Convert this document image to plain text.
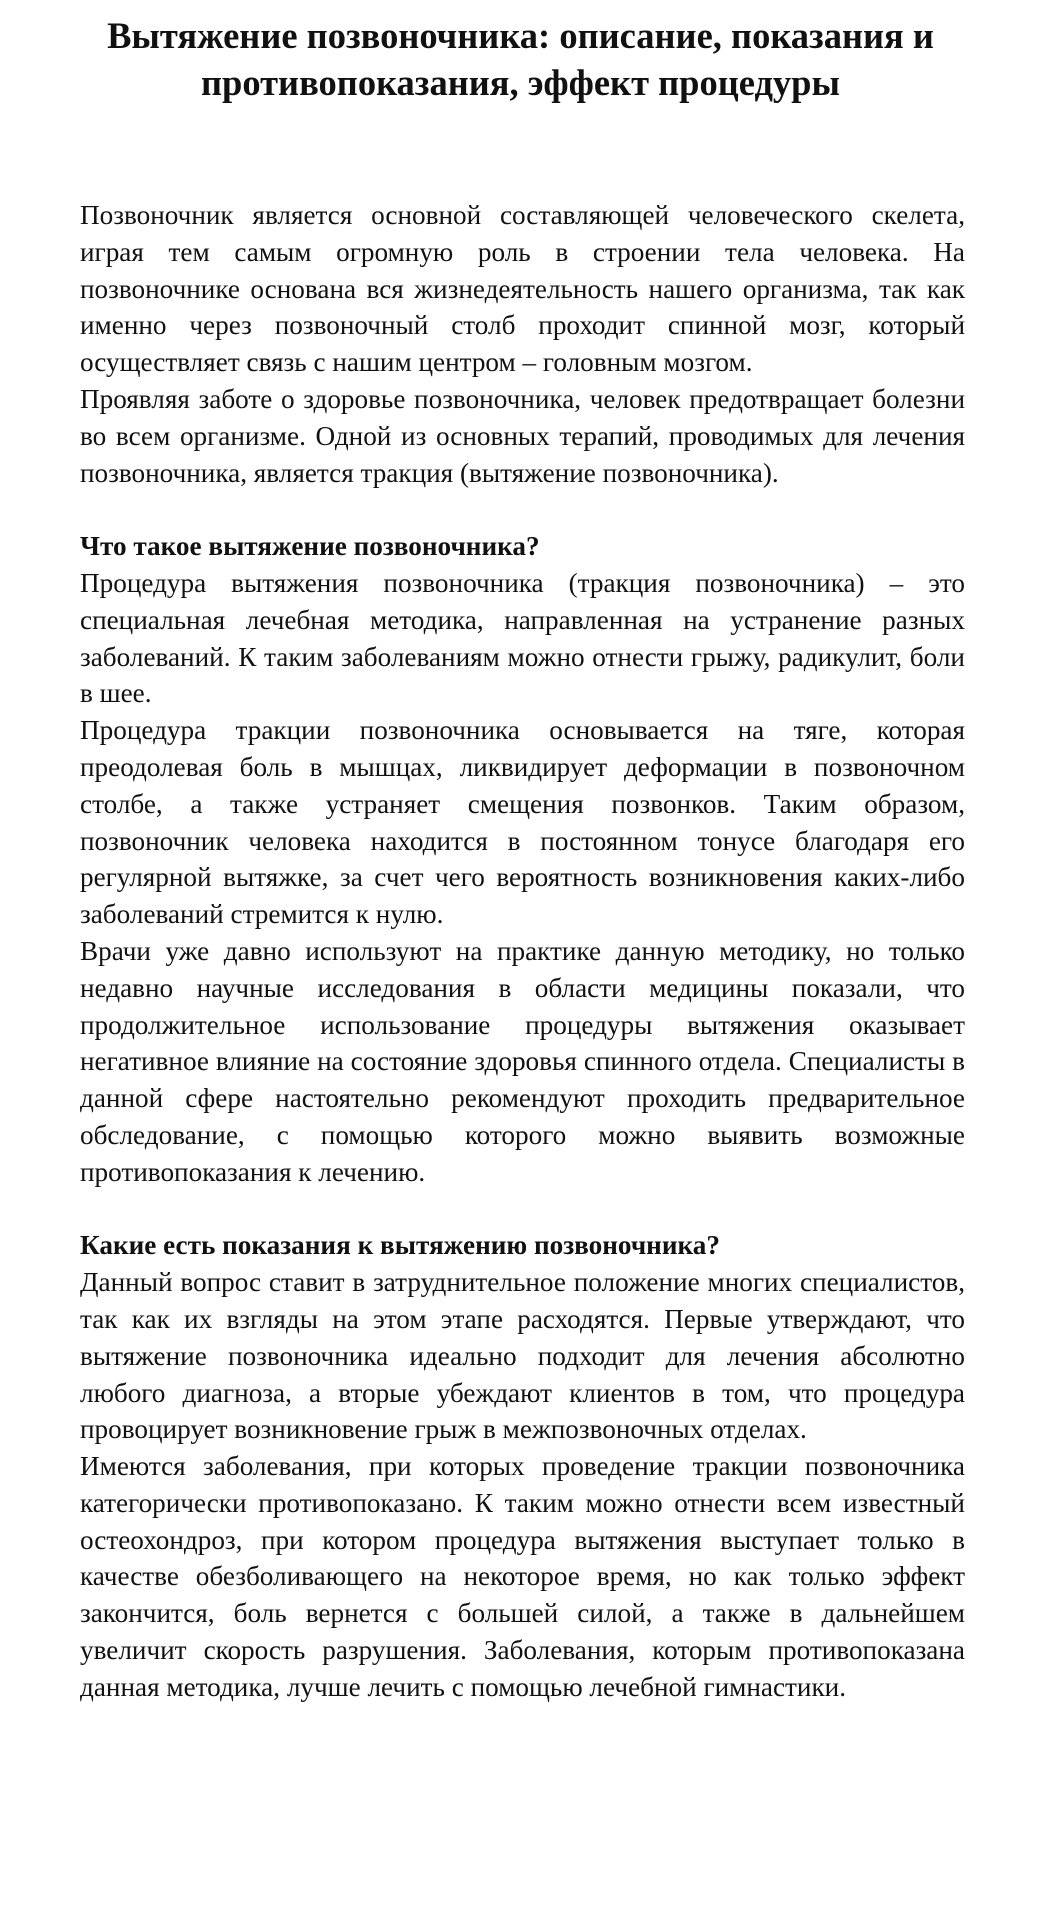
Вытяжение позвоночника: описание, показания и противопоказания, эффект процедуры

Позвоночник является основной составляющей человеческого скелета, играя тем самым огромную роль в строении тела человека. На позвоночнике основана вся жизнедеятельность нашего организма, так как именно через позвоночный столб проходит спинной мозг, который осуществляет связь с нашим центром – головным мозгом.

Проявляя заботе о здоровье позвоночника, человек предотвращает болезни во всем организме. Одной из основных терапий, проводимых для лечения позвоночника, является тракция (вытяжение позвоночника).

Что такое вытяжение позвоночника?

Процедура вытяжения позвоночника (тракция позвоночника) – это специальная лечебная методика, направленная на устранение разных заболеваний. К таким заболеваниям можно отнести грыжу, радикулит, боли в шее.

Процедура тракции позвоночника основывается на тяге, которая преодолевая боль в мышцах, ликвидирует деформации в позвоночном столбе, а также устраняет смещения позвонков. Таким образом, позвоночник человека находится в постоянном тонусе благодаря его регулярной вытяжке, за счет чего вероятность возникновения каких-либо заболеваний стремится к нулю.

Врачи уже давно используют на практике данную методику, но только недавно научные исследования в области медицины показали, что продолжительное использование процедуры вытяжения оказывает негативное влияние на состояние здоровья спинного отдела. Специалисты в данной сфере настоятельно рекомендуют проходить предварительное обследование, с помощью которого можно выявить возможные противопоказания к лечению.

Какие есть показания к вытяжению позвоночника?

Данный вопрос ставит в затруднительное положение многих специалистов, так как их взгляды на этом этапе расходятся. Первые утверждают, что вытяжение позвоночника идеально подходит для лечения абсолютно любого диагноза, а вторые убеждают клиентов в том, что процедура провоцирует возникновение грыж в межпозвоночных отделах.

Имеются заболевания, при которых проведение тракции позвоночника категорически противопоказано. К таким можно отнести всем известный остеохондроз, при котором процедура вытяжения выступает только в качестве обезболивающего на некоторое время, но как только эффект закончится, боль вернется с большей силой, а также в дальнейшем увеличит скорость разрушения. Заболевания, которым противопоказана данная методика, лучше лечить с помощью лечебной гимнастики.
